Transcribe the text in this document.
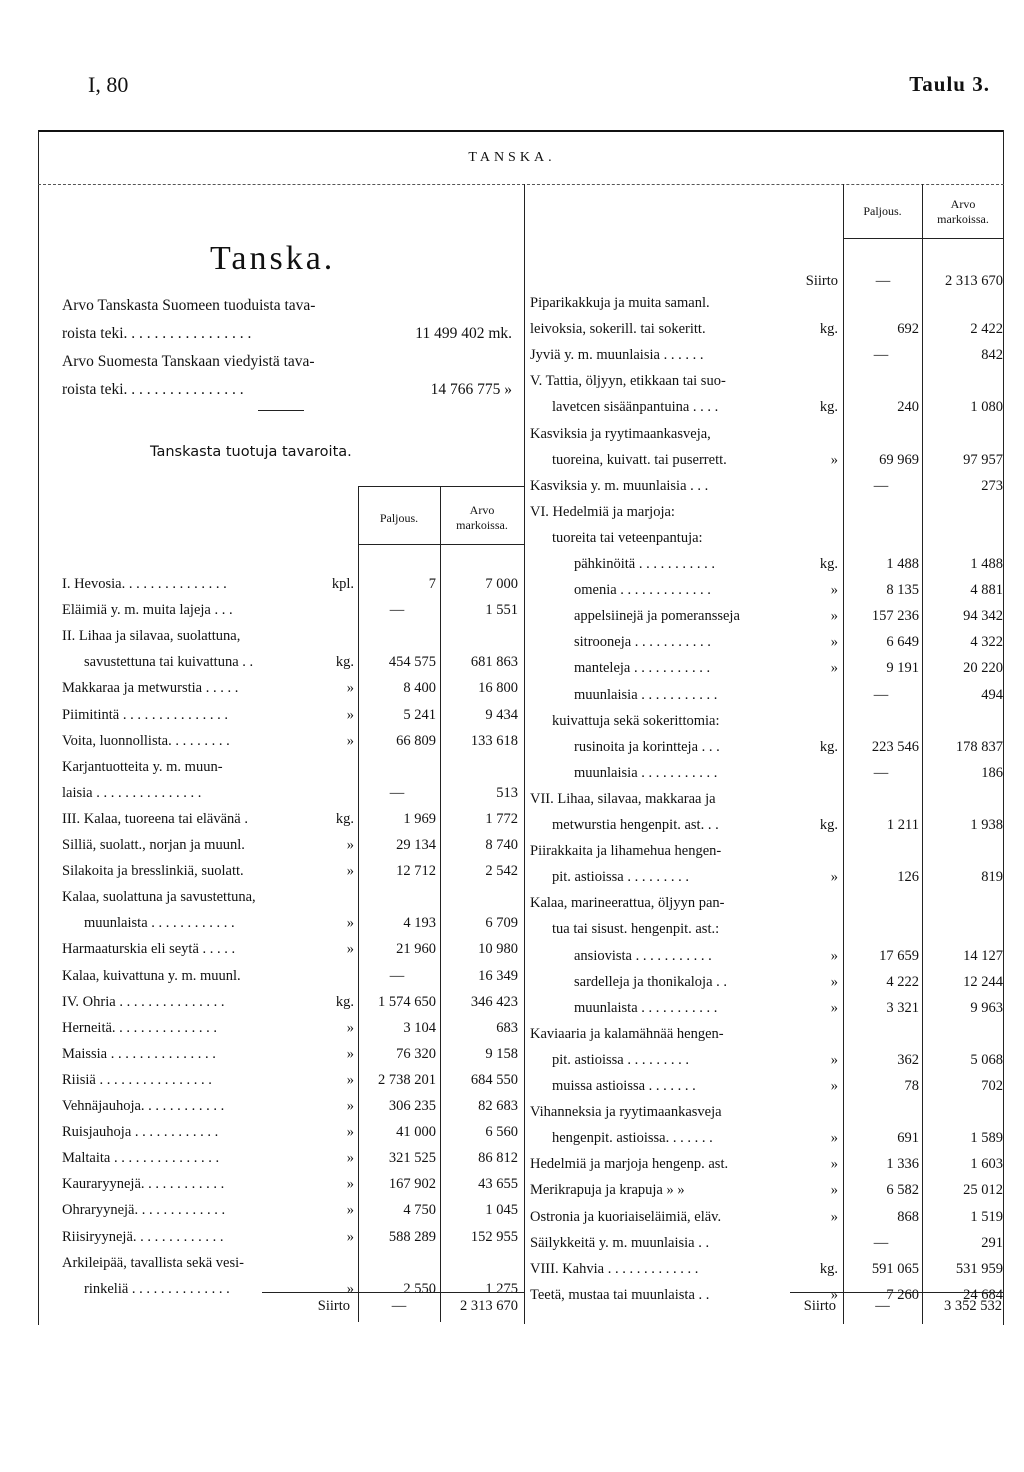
I, 80	Taulu 3.
TANSKA.
Tanska.
Arvo Tanskasta Suomeen tuoduista tava-
roista teki. . . . . . . . . . . . . . . . .	11 499 402 mk.
Arvo Suomesta Tanskaan viedyistä tava-
roista teki. . . . . . . . . . . . . . . .	14 766 775 »
Tanskasta tuotuja tavaroita.
Paljous.
Arvo
markoissa.
Paljous.	Arvo
markoissa.
Siirto	—	2 313 670
I. Hevosia. . . . . . . . . . . . . . .	kpl.	7	7 000
Eläimiä y. m. muita lajeja . . .	—	1 551
II. Lihaa ja silavaa, suolattuna,
savustettuna tai kuivattuna . .	kg.	454 575	681 863
Makkaraa ja metwurstia . . . . .	»	8 400	16 800
Piimitintä . . . . . . . . . . . . . . .	»	5 241	9 434
Voita, luonnollista. . . . . . . . .	»	66 809	133 618
Karjantuotteita y. m. muun-
laisia . . . . . . . . . . . . . . .	—	513
III. Kalaa, tuoreena tai elävänä .	kg.	1 969	1 772
Silliä, suolatt., norjan ja muunl.	»	29 134	8 740
Silakoita ja bresslinkiä, suolatt.	»	12 712	2 542
Kalaa, suolattuna ja savustettuna,
muunlaista . . . . . . . . . . . .	»	4 193	6 709
Harmaaturskia eli seytä . . . . .	»	21 960	10 980
Kalaa, kuivattuna y. m. muunl.	—	16 349
IV. Ohria . . . . . . . . . . . . . . .	kg.	1 574 650	346 423
Herneitä. . . . . . . . . . . . . . .	»	3 104	683
Maissia . . . . . . . . . . . . . . .	»	76 320	9 158
Riisiä . . . . . . . . . . . . . . . .	»	2 738 201	684 550
Vehnäjauhoja. . . . . . . . . . . .	»	306 235	82 683
Ruisjauhoja . . . . . . . . . . . .	»	41 000	6 560
Maltaita . . . . . . . . . . . . . . .	»	321 525	86 812
Kauraryynejä. . . . . . . . . . . .	»	167 902	43 655
Ohraryynejä. . . . . . . . . . . . .	»	4 750	1 045
Riisiryynejä. . . . . . . . . . . . .	»	588 289	152 955
Arkileipää, tavallista sekä vesi-
rinkeliä . . . . . . . . . . . . . .	»	2 550	1 275
Piparikakkuja ja muita samanl.
leivoksia, sokerill. tai sokeritt.	kg.	692	2 422
Jyviä y. m. muunlaisia . . . . . .	—	842
V. Tattia, öljyyn, etikkaan tai suo-
lavetcen sisäänpantuina . . . .	kg.	240	1 080
Kasviksia ja ryytimaankasveja,
tuoreina, kuivatt. tai puserrett.	»	69 969	97 957
Kasviksia y. m. muunlaisia . . .	—	273
VI. Hedelmiä ja marjoja:
tuoreita tai veteenpantuja:
pähkinöitä . . . . . . . . . . .	kg.	1 488	1 488
omenia . . . . . . . . . . . . .	»	8 135	4 881
appelsiinejä ja pomeransseja	»	157 236	94 342
sitrooneja . . . . . . . . . . .	»	6 649	4 322
manteleja . . . . . . . . . . .	»	9 191	20 220
muunlaisia . . . . . . . . . . .	—	494
kuivattuja sekä sokerittomia:
rusinoita ja korintteja . . .	kg.	223 546	178 837
muunlaisia . . . . . . . . . . .	—	186
VII. Lihaa, silavaa, makkaraa ja
metwurstia hengenpit. ast. . .	kg.	1 211	1 938
Piirakkaita ja lihamehua hengen-
pit. astioissa . . . . . . . . .	»	126	819
Kalaa, marineerattua, öljyyn pan-
tua tai sisust. hengenpit. ast.:
ansiovista . . . . . . . . . . .	»	17 659	14 127
sardelleja ja thonikaloja . .	»	4 222	12 244
muunlaista . . . . . . . . . . .	»	3 321	9 963
Kaviaaria ja kalamähnää hengen-
pit. astioissa . . . . . . . . .	»	362	5 068
muissa astioissa . . . . . . .	»	78	702
Vihanneksia ja ryytimaankasveja
hengenpit. astioissa. . . . . . .	»	691	1 589
Hedelmiä ja marjoja hengenp. ast.	»	1 336	1 603
Merikrapuja ja krapuja » »	»	6 582	25 012
Ostronia ja kuoriaiseläimiä, eläv.	»	868	1 519
Säilykkeitä y. m. muunlaisia . .	—	291
VIII. Kahvia . . . . . . . . . . . . .	kg.	591 065	531 959
Teetä, mustaa tai muunlaista . .	»	7 260	24 684
Siirto	—	2 313 670	Siirto	—	3 352 532
